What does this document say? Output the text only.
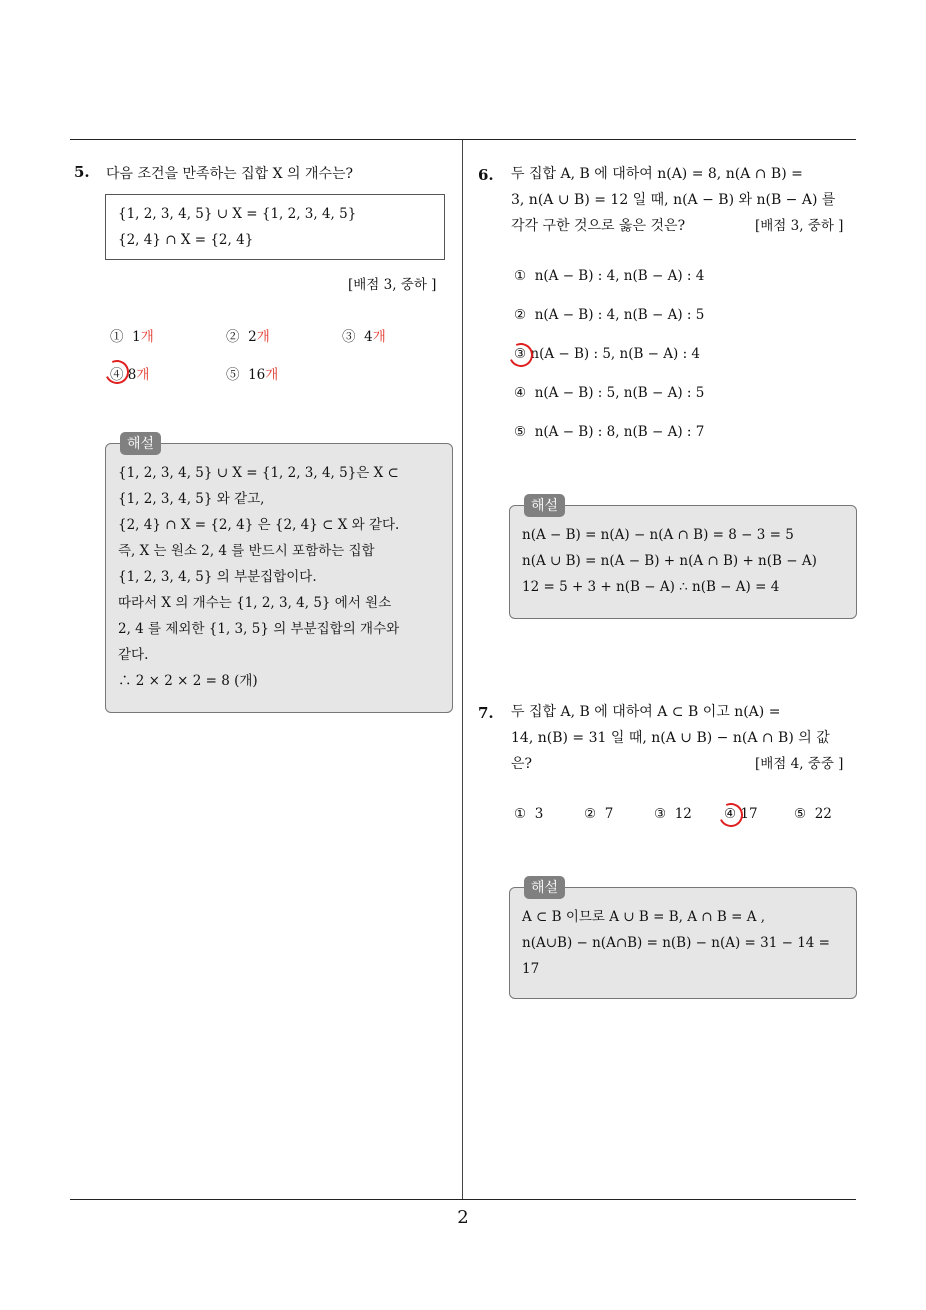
5. 다음 조건을 만족하는 집합 X 의 개수는?
{1, 2, 3, 4, 5} ∪ X = {1, 2, 3, 4, 5}
{2, 4} ∩ X = {2, 4}
[배점 3, 중하 ]
① 1개	② 2개	③ 4개
④ 8개	⑤ 16개
해설
{1, 2, 3, 4, 5} ∪ X = {1, 2, 3, 4, 5}은 X ⊂
{1, 2, 3, 4, 5} 와 같고,
{2, 4} ∩ X = {2, 4} 은 {2, 4} ⊂ X 와 같다.
즉, X 는 원소 2, 4 를 반드시 포함하는 집합
{1, 2, 3, 4, 5} 의 부분집합이다.
따라서 X 의 개수는 {1, 2, 3, 4, 5} 에서 원소
2, 4 를 제외한 {1, 3, 5} 의 부분집합의 개수와
같다.
∴ 2 × 2 × 2 = 8 (개)
6. 두 집합 A, B 에 대하여 n(A) = 8, n(A ∩ B) =
3, n(A ∪ B) = 12 일 때, n(A − B) 와 n(B − A) 를
각각 구한 것으로 옳은 것은?	[배점 3, 중하 ]
① n(A − B) : 4, n(B − A) : 4
② n(A − B) : 4, n(B − A) : 5
③ n(A − B) : 5, n(B − A) : 4
④ n(A − B) : 5, n(B − A) : 5
⑤ n(A − B) : 8, n(B − A) : 7
해설
n(A − B) = n(A) − n(A ∩ B) = 8 − 3 = 5
n(A ∪ B) = n(A − B) + n(A ∩ B) + n(B − A)
12 = 5 + 3 + n(B − A) ∴ n(B − A) = 4
7. 두 집합 A, B 에 대하여 A ⊂ B 이고 n(A) =
14, n(B) = 31 일 때, n(A ∪ B) − n(A ∩ B) 의 값
은?	[배점 4, 중중 ]
① 3	② 7	③ 12 ④ 17	⑤ 22
해설
A ⊂ B 이므로 A ∪ B = B, A ∩ B = A ,
n(A∪B) − n(A∩B) = n(B) − n(A) = 31 − 14 =
17
2
